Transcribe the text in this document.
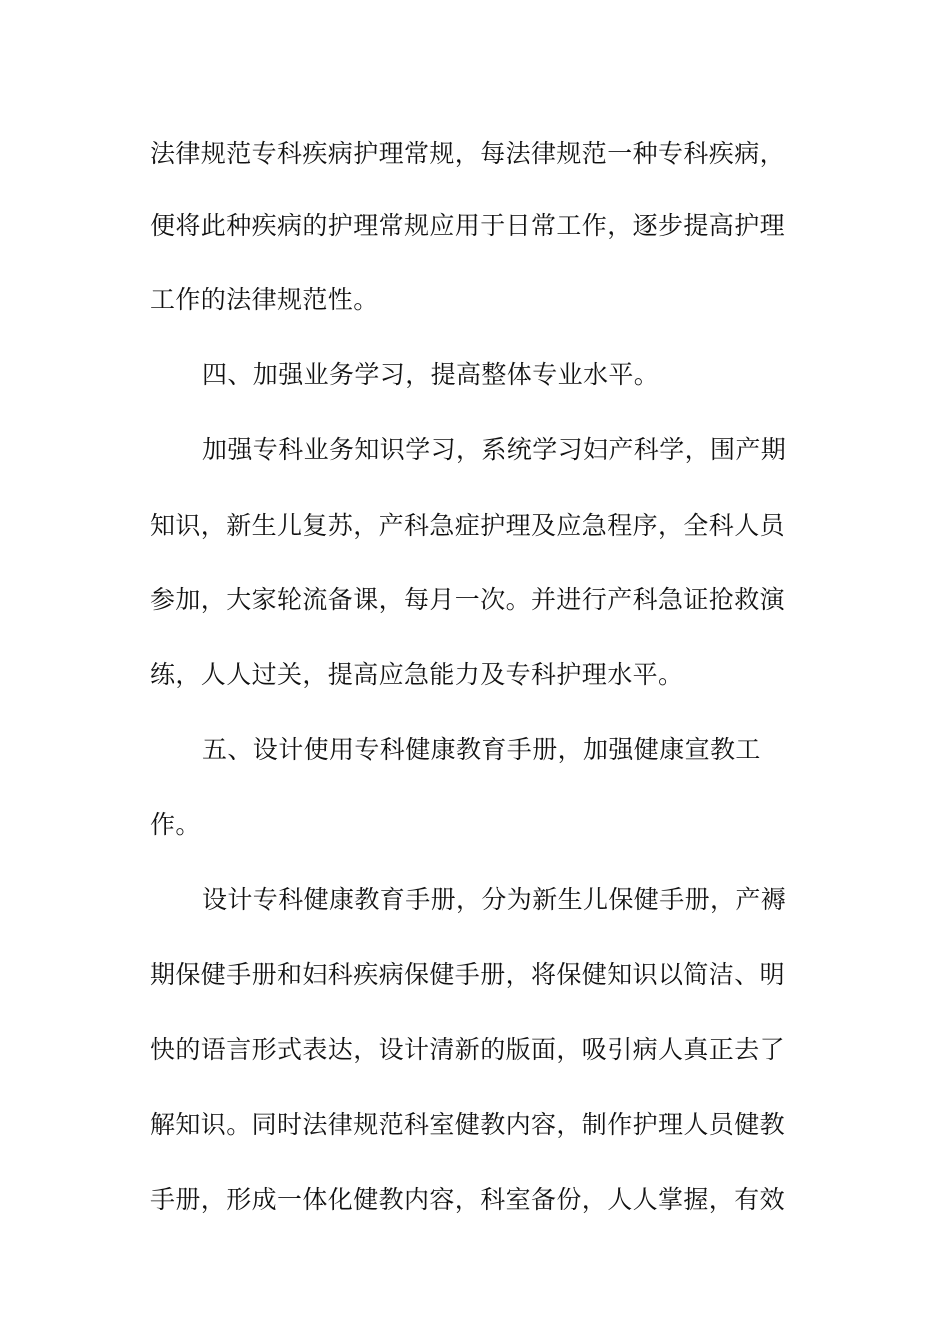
法律规范专科疾病护理常规，每法律规范一种专科疾病，
便将此种疾病的护理常规应用于日常工作，逐步提高护理
工作的法律规范性。
四、加强业务学习，提高整体专业水平。
加强专科业务知识学习，系统学习妇产科学，围产期
知识，新生儿复苏，产科急症护理及应急程序，全科人员
参加，大家轮流备课，每月一次。并进行产科急证抢救演
练，人人过关，提高应急能力及专科护理水平。
五、设计使用专科健康教育手册，加强健康宣教工
作。
设计专科健康教育手册，分为新生儿保健手册，产褥
期保健手册和妇科疾病保健手册，将保健知识以简洁、明
快的语言形式表达，设计清新的版面，吸引病人真正去了
解知识。同时法律规范科室健教内容，制作护理人员健教
手册，形成一体化健教内容，科室备份，人人掌握，有效
